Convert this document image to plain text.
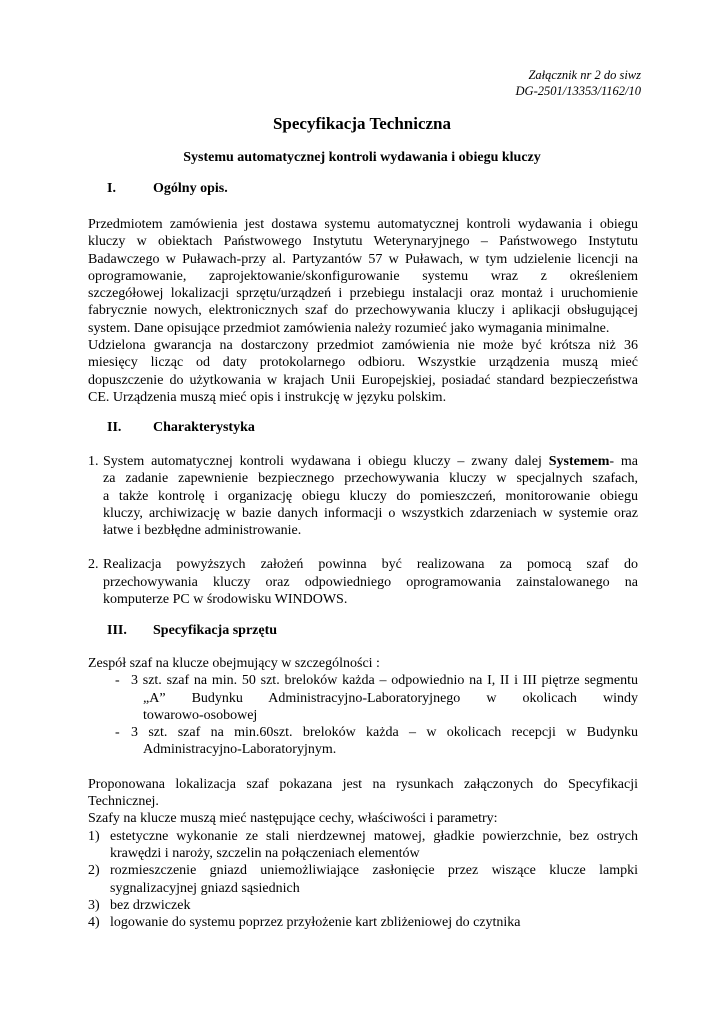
Załącznik nr 2 do siwz
DG-2501/13353/1162/10
Specyfikacja Techniczna
Systemu automatycznej kontroli wydawania i obiegu kluczy
I.	Ogólny opis.
Przedmiotem zamówienia jest dostawa systemu automatycznej kontroli wydawania i obiegu
kluczy w obiektach Państwowego Instytutu Weterynaryjnego – Państwowego Instytutu
Badawczego w Puławach-przy al. Partyzantów 57 w Puławach, w tym udzielenie licencji na
oprogramowanie, zaprojektowanie/skonfigurowanie systemu wraz z określeniem
szczegółowej lokalizacji sprzętu/urządzeń i przebiegu instalacji oraz montaż i uruchomienie
fabrycznie nowych, elektronicznych szaf do przechowywania kluczy i aplikacji obsługującej
system. Dane opisujące przedmiot zamówienia należy rozumieć jako wymagania minimalne.
Udzielona gwarancja na dostarczony przedmiot zamówienia nie może być krótsza niż 36
miesięcy licząc od daty protokolarnego odbioru. Wszystkie urządzenia muszą mieć
dopuszczenie do użytkowania w krajach Unii Europejskiej, posiadać standard bezpieczeństwa
CE. Urządzenia muszą mieć opis i instrukcję w języku polskim.
II. Charakterystyka
1. System automatycznej kontroli wydawana i obiegu kluczy – zwany dalej Systemem- ma
za zadanie zapewnienie bezpiecznego przechowywania kluczy w specjalnych szafach,
a także kontrolę i organizację obiegu kluczy do pomieszczeń, monitorowanie obiegu
kluczy, archiwizację w bazie danych informacji o wszystkich zdarzeniach w systemie oraz
łatwe i bezbłędne administrowanie.
2. Realizacja powyższych założeń powinna być realizowana za pomocą szaf do
przechowywania kluczy oraz odpowiedniego oprogramowania zainstalowanego na
komputerze PC w środowisku WINDOWS.
III. Specyfikacja sprzętu
Zespół szaf na klucze obejmujący w szczególności :
- 3 szt. szaf na min. 50 szt. breloków każda – odpowiednio na I, II i III piętrze segmentu
„A” Budynku Administracyjno-Laboratoryjnego w okolicach windy
towarowo-osobowej
- 3 szt. szaf na min.60szt. breloków każda – w okolicach recepcji w Budynku
Administracyjno-Laboratoryjnym.
Proponowana lokalizacja szaf pokazana jest na rysunkach załączonych do Specyfikacji
Technicznej.
Szafy na klucze muszą mieć następujące cechy, właściwości i parametry:
1) estetyczne wykonanie ze stali nierdzewnej matowej, gładkie powierzchnie, bez ostrych
krawędzi i naroży, szczelin na połączeniach elementów
2) rozmieszczenie gniazd uniemożliwiające zasłonięcie przez wiszące klucze lampki
sygnalizacyjnej gniazd sąsiednich
3) bez drzwiczek
4) logowanie do systemu poprzez przyłożenie kart zbliżeniowej do czytnika
